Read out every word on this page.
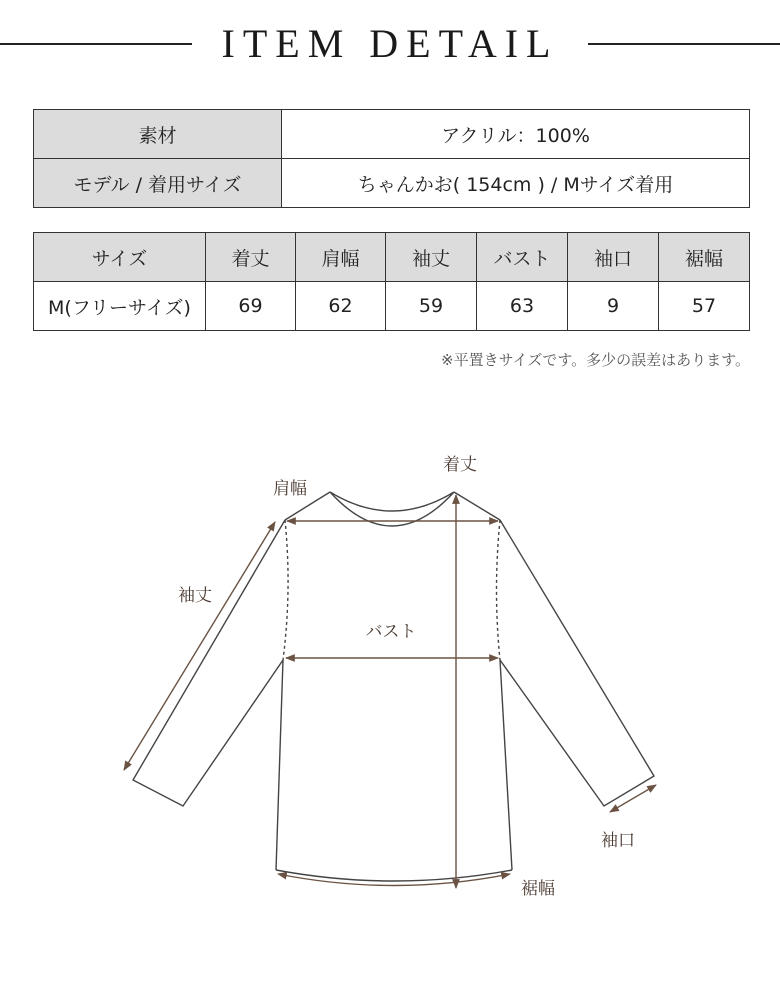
ITEM DETAIL
素材	アクリル：100%
モデル / 着用サイズ	ちゃんかお( 154cm ) / Mサイズ着用
サイズ	着丈	肩幅	袖丈	バスト	袖口	裾幅
M(フリーサイズ)	69	62	59	63	9	57
※平置きサイズです。多少の誤差はあります。
着丈
肩幅
袖丈
バスト
袖口
裾幅
